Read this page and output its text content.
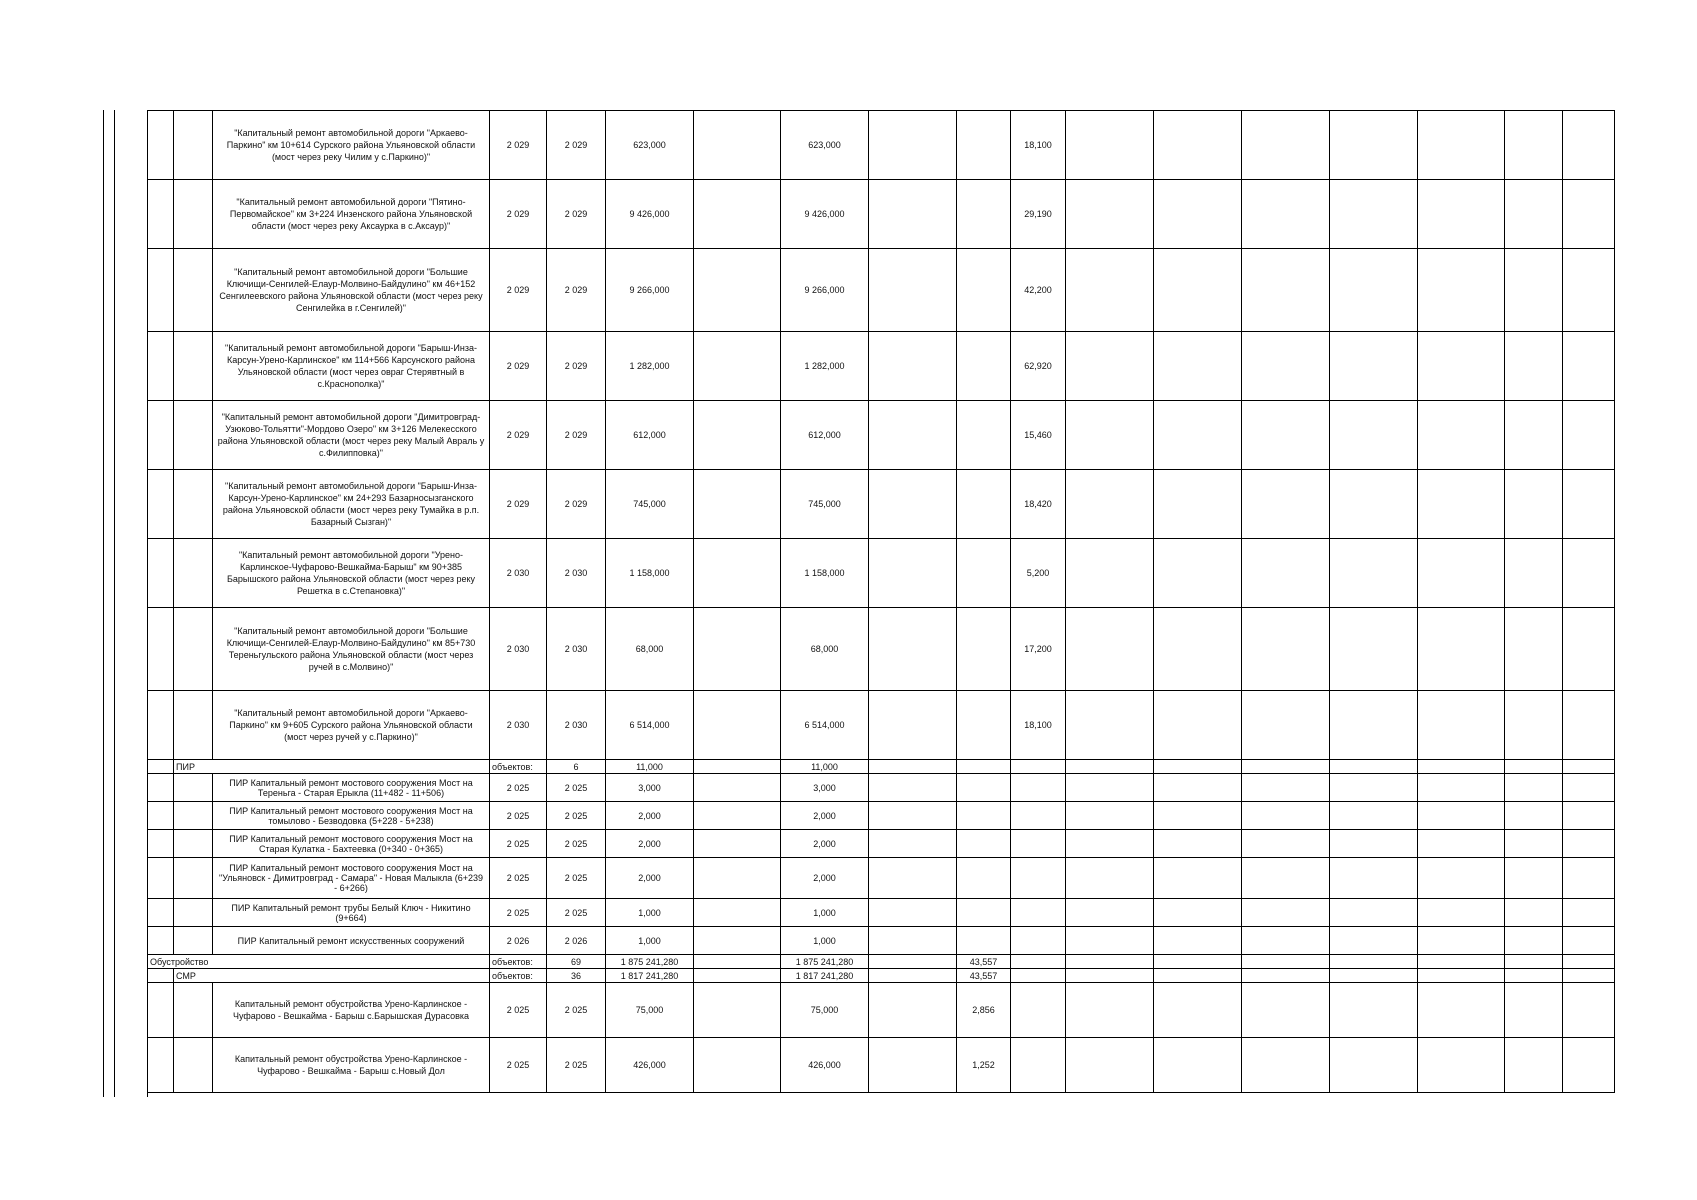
		"Капитальный ремонт автомобильной дороги "Аркаево-Паркино" км 10+614 Сурского района Ульяновской области (мост через реку Чилим у с.Паркино)"	2 029	2 029	623,000		623,000			18,100							
		"Капитальный ремонт автомобильной дороги "Пятино-Первомайское" км 3+224 Инзенского района Ульяновской области (мост через реку Аксаурка в с.Аксаур)"	2 029	2 029	9 426,000		9 426,000			29,190							
		"Капитальный ремонт автомобильной дороги "Большие Ключищи-Сенгилей-Елаур-Молвино-Байдулино" км 46+152 Сенгилеевского района Ульяновской области (мост через реку Сенгилейка в г.Сенгилей)"	2 029	2 029	9 266,000		9 266,000			42,200							
		"Капитальный ремонт автомобильной дороги "Барыш-Инза-Карсун-Урено-Карлинское" км 114+566 Карсунского района Ульяновской области (мост через овраг Стерявтный в с.Краснополка)"	2 029	2 029	1 282,000		1 282,000			62,920							
		"Капитальный ремонт автомобильной дороги "Димитровград-Узюково-Тольятти"-Мордово Озеро" км 3+126 Мелекесского района Ульяновской области (мост через реку Малый Авраль у с.Филипповка)"	2 029	2 029	612,000		612,000			15,460							
		"Капитальный ремонт автомобильной дороги "Барыш-Инза-Карсун-Урено-Карлинское" км 24+293 Базарносызганского района Ульяновской области (мост через реку Тумайка в р.п. Базарный Сызган)"	2 029	2 029	745,000		745,000			18,420							
		"Капитальный ремонт автомобильной дороги "Урено-Карлинское-Чуфарово-Вешкайма-Барыш" км 90+385 Барышского района Ульяновской области (мост через реку Решетка в с.Степановка)"	2 030	2 030	1 158,000		1 158,000			5,200							
		"Капитальный ремонт автомобильной дороги "Большие Ключищи-Сенгилей-Елаур-Молвино-Байдулино" км 85+730 Тереньгульского района Ульяновской области (мост через ручей в с.Молвино)"	2 030	2 030	68,000		68,000			17,200							
		"Капитальный ремонт автомобильной дороги "Аркаево-Паркино" км 9+605 Сурского района Ульяновской области (мост через ручей у с.Паркино)"	2 030	2 030	6 514,000		6 514,000			18,100							
	ПИР		объектов:	6	11,000		11,000										
		ПИР Капитальный ремонт мостового сооружения Мост на Тереньга - Старая Ерыкла (11+482 - 11+506)	2 025	2 025	3,000		3,000										
		ПИР Капитальный ремонт мостового сооружения Мост на томылово - Безводовка (5+228 - 5+238)	2 025	2 025	2,000		2,000										
		ПИР Капитальный ремонт мостового сооружения Мост на Старая Кулатка - Бахтеевка (0+340 - 0+365)	2 025	2 025	2,000		2,000										
		ПИР Капитальный ремонт мостового сооружения Мост на "Ульяновск - Димитровград - Самара" - Новая Малыкла (6+239 - 6+266)	2 025	2 025	2,000		2,000										
		ПИР Капитальный ремонт трубы Белый Ключ - Никитино (9+664)	2 025	2 025	1,000		1,000										
		ПИР Капитальный ремонт искусственных сооружений	2 026	2 026	1,000		1,000										
Обустройство			объектов:	69	1 875 241,280		1 875 241,280		43,557								
	СМР		объектов:	36	1 817 241,280		1 817 241,280		43,557								
		Капитальный ремонт обустройства Урено-Карлинское - Чуфарово - Вешкайма - Барыш с.Барышская Дурасовка	2 025	2 025	75,000		75,000		2,856								
		Капитальный ремонт обустройства Урено-Карлинское - Чуфарово - Вешкайма - Барыш с.Новый Дол	2 025	2 025	426,000		426,000		1,252								
